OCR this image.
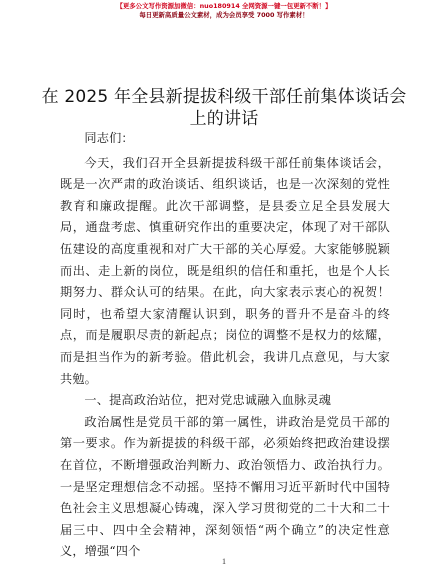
【更多公文写作资源加微信：nuo180914 全网资源一键一包更新不断！】
每日更新高质量公文素材，成为会员享受 7000 写作素材！
在 2025 年全县新提拔科级干部任前集体谈话会上的讲话

同志们：

今天，我们召开全县新提拔科级干部任前集体谈话会，既是一次严肃的政治谈话、组织谈话，也是一次深刻的党性教育和廉政提醒。此次干部调整，是县委立足全县发展大局，通盘考虑、慎重研究作出的重要决定，体现了对干部队伍建设的高度重视和对广大干部的关心厚爱。大家能够脱颖而出、走上新的岗位，既是组织的信任和重托，也是个人长期努力、群众认可的结果。在此，向大家表示衷心的祝贺！同时，也希望大家清醒认识到，职务的晋升不是奋斗的终点，而是履职尽责的新起点；岗位的调整不是权力的炫耀，而是担当作为的新考验。借此机会，我讲几点意见，与大家共勉。

一、提高政治站位，把对党忠诚融入血脉灵魂

政治属性是党员干部的第一属性，讲政治是党员干部的第一要求。作为新提拔的科级干部，必须始终把政治建设摆在首位，不断增强政治判断力、政治领悟力、政治执行力。一是坚定理想信念不动摇。坚持不懈用习近平新时代中国特色社会主义思想凝心铸魂，深入学习贯彻党的二十大和二十届三中、四中全会精神，深刻领悟“两个确立”的决定性意义，增强“四个

1
